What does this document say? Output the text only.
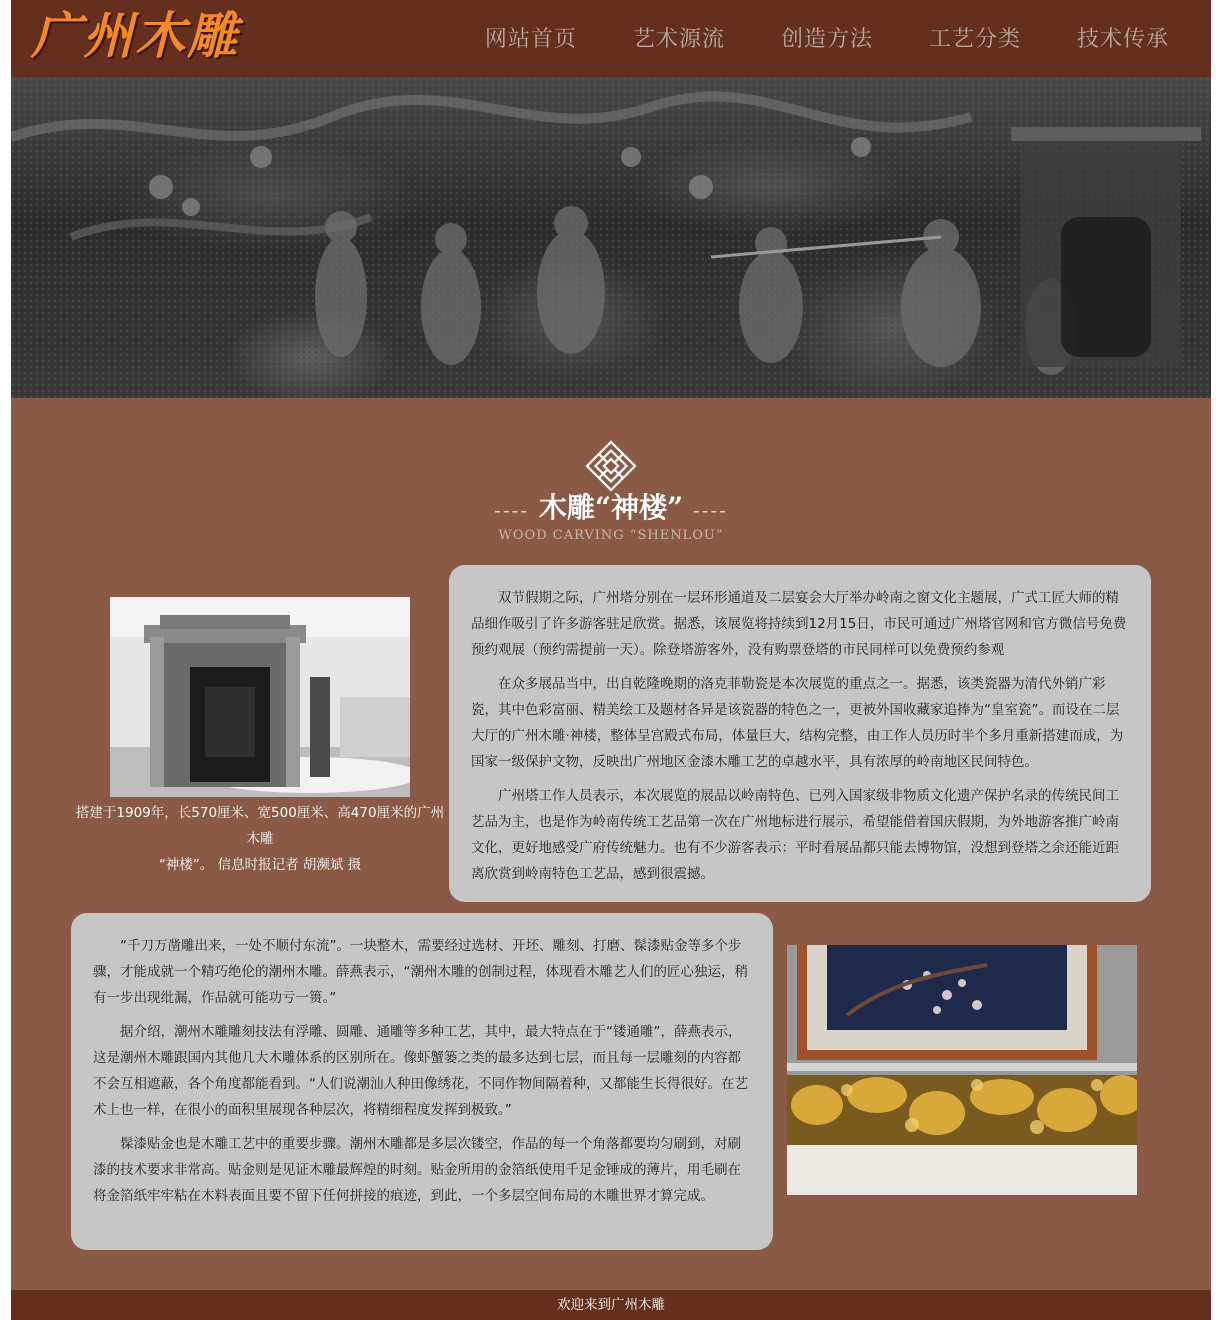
广州木雕	网站首页	艺术源流	创造方法	工艺分类	技术传承
---- 木雕“神楼” ----
WOOD CARVING “SHENLOU”
搭建于1909年，长570厘米、宽500厘米、高470厘米的广州木雕
“神楼”。 信息时报记者 胡濒斌 摄

双节假期之际，广州塔分别在一层环形通道及二层宴会大厅举办岭南之窗文化主题展，广式工匠大师的精品细作吸引了许多游客驻足欣赏。据悉，该展览将持续到12月15日，市民可通过广州塔官网和官方微信号免费预约观展（预约需提前一天）。除登塔游客外，没有购票登塔的市民同样可以免费预约参观

在众多展品当中，出自乾隆晚期的洛克菲勒瓷是本次展览的重点之一。据悉，该类瓷器为清代外销广彩瓷，其中色彩富丽、精美绘工及题材各异是该瓷器的特色之一，更被外国收藏家追捧为“皇室瓷”。而设在二层大厅的广州木雕·神楼，整体呈宫殿式布局，体量巨大，结构完整，由工作人员历时半个多月重新搭建而成，为国家一级保护文物，反映出广州地区金漆木雕工艺的卓越水平，具有浓厚的岭南地区民间特色。

广州塔工作人员表示，本次展览的展品以岭南特色、已列入国家级非物质文化遗产保护名录的传统民间工艺品为主，也是作为岭南传统工艺品第一次在广州地标进行展示，希望能借着国庆假期，为外地游客推广岭南文化，更好地感受广府传统魅力。也有不少游客表示：平时看展品都只能去博物馆，没想到登塔之余还能近距离欣赏到岭南特色工艺品，感到很震撼。

“千刀万凿雕出来，一处不顺付东流”。一块整木，需要经过选材、开坯、雕刻、打磨、髹漆贴金等多个步骤，才能成就一个精巧绝伦的潮州木雕。薛燕表示，“潮州木雕的创制过程，体现看木雕艺人们的匠心独运，稍有一步出现纰漏，作品就可能功亏一篑。”

据介绍，潮州木雕雕刻技法有浮雕、圆雕、通雕等多种工艺，其中，最大特点在于“镂通雕”，薛燕表示，这是潮州木雕跟国内其他几大木雕体系的区别所在。像虾蟹篓之类的最多达到七层，而且每一层雕刻的内容都不会互相遮蔽，各个角度都能看到。“人们说潮汕人种田像绣花，不同作物间隔着种，又都能生长得很好。在艺术上也一样，在很小的面积里展现各种层次，将精细程度发挥到极致。”

髹漆贴金也是木雕工艺中的重要步骤。潮州木雕都是多层次镂空，作品的每一个角落都要均匀刷到，对刷漆的技术要求非常高。贴金则是见证木雕最辉煌的时刻。贴金所用的金箔纸使用千足金锤成的薄片，用毛刷在将金箔纸牢牢粘在木料表面且要不留下任何拼接的痕迹，到此，一个多层空间布局的木雕世界才算完成。

欢迎来到广州木雕
